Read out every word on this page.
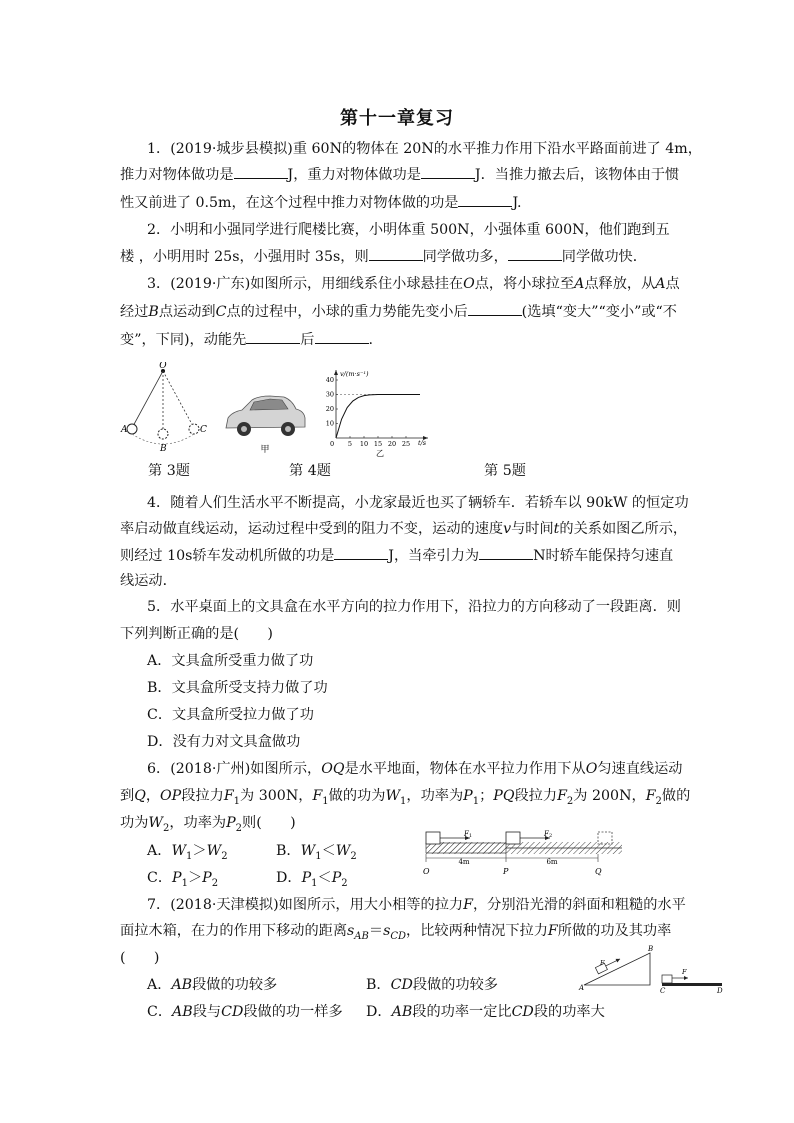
第十一章复习
1．(2019·城步县模拟)重 60N的物体在 20N的水平推力作用下沿水平路面前进了 4m，
推力对物体做功是	J，重力对物体做功是	J．当推力撤去后，该物体由于惯
性又前进了 0.5m，在这个过程中推力对物体做的功是	J.
2．小明和小强同学进行爬楼比赛，小明体重 500N，小强体重 600N，他们跑到五
楼 ，小明用时 25s，小强用时 35s，则	同学做功多，	同学做功快．
3．(2019·广东)如图所示，用细线系住小球悬挂在O点，将小球拉至A点释放，从A点
经过B点运动到C点的过程中，小球的重力势能先变小后	(选填“变大”“变小”或“不
变”，下同)，动能先	后	.
O
A
B
C
甲
v/(m·s⁻¹)
t/s
0
乙
10
20
30
40
5 10 15 20 25
第 3题	第 4题	第 5题
4．随着人们生活水平不断提高，小龙家最近也买了辆轿车．若轿车以 90kW 的恒定功
率启动做直线运动，运动过程中受到的阻力不变，运动的速度v与时间t的关系如图乙所示，
则经过 10s轿车发动机所做的功是	J，当牵引力为	N时轿车能保持匀速直
线运动．
5．水平桌面上的文具盒在水平方向的拉力作用下，沿拉力的方向移动了一段距离．则
下列判断正确的是(　　)
A．文具盒所受重力做了功
B．文具盒所受支持力做了功
C．文具盒所受拉力做了功
D．没有力对文具盒做功
6．(2018·广州)如图所示，OQ是水平地面，物体在水平拉力作用下从O匀速直线运动
到Q，OP段拉力$F_1$为 300N，$F_1$做的功为$W_1$，功率为$P_1$；PQ段拉力$F_2$为 200N，$F_2$做的
功为$W_2$，功率为$P_2$则(　　)
A．$W_1>W_2$	B．$W_1<W_2$
C．$P_1>P_2$	D．$P_1<P_2$
F 1	F 2
4m	6m
O	P	Q
7．(2018·天津模拟)如图所示，用大小相等的拉力F，分别沿光滑的斜面和粗糙的水平
面拉木箱，在力的作用下移动的距离$s_{AB}=s_{CD}$，比较两种情况下拉力F所做的功及其功率
(　　)
A．AB段做的功较多	B．CD段做的功较多
C．AB段与CD段做的功一样多 D．AB段的功率一定比CD段的功率大
F
A
B
F
C	D
